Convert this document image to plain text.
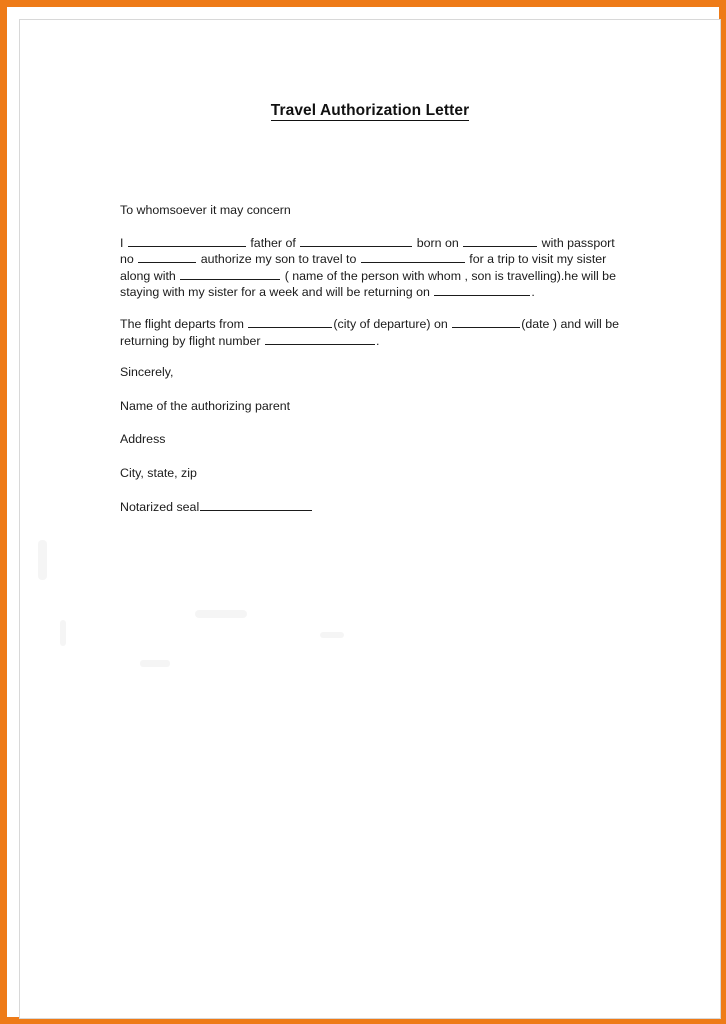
Travel Authorization Letter

To whomsoever it may concern

I	father of	born on	with passport no	authorize my son to travel to	for a trip to visit my sister along with	( name of the person with whom , son is travelling).he will be staying with my sister for a week and will be returning on	.

The flight departs from	(city of departure) on	(date ) and will be returning by flight number	.

Sincerely,

Name of the authorizing parent

Address

City, state, zip

Notarized seal
